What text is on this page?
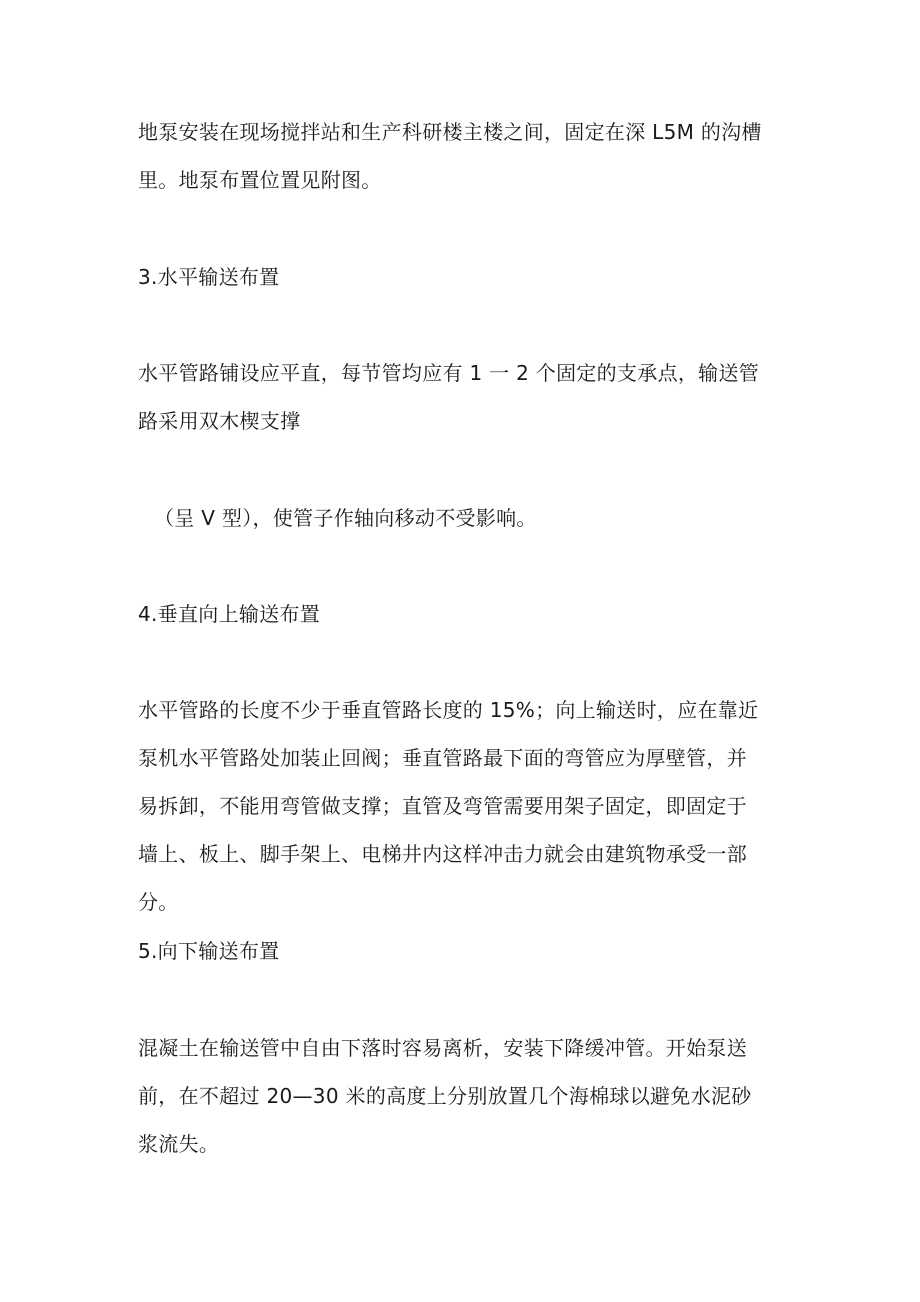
地泵安装在现场搅拌站和生产科研楼主楼之间，固定在深 L5M 的沟槽
里。地泵布置位置见附图。
3.水平输送布置
水平管路铺设应平直，每节管均应有 1 一 2 个固定的支承点，输送管
路采用双木楔支撑
（呈 V 型），使管子作轴向移动不受影响。
4.垂直向上输送布置
水平管路的长度不少于垂直管路长度的 15%；向上输送时，应在靠近
泵机水平管路处加装止回阀；垂直管路最下面的弯管应为厚壁管，并
易拆卸，不能用弯管做支撑；直管及弯管需要用架子固定，即固定于
墙上、板上、脚手架上、电梯井内这样冲击力就会由建筑物承受一部
分。
5.向下输送布置
混凝土在输送管中自由下落时容易离析，安装下降缓冲管。开始泵送
前，在不超过 20—30 米的高度上分别放置几个海棉球以避免水泥砂
浆流失。
